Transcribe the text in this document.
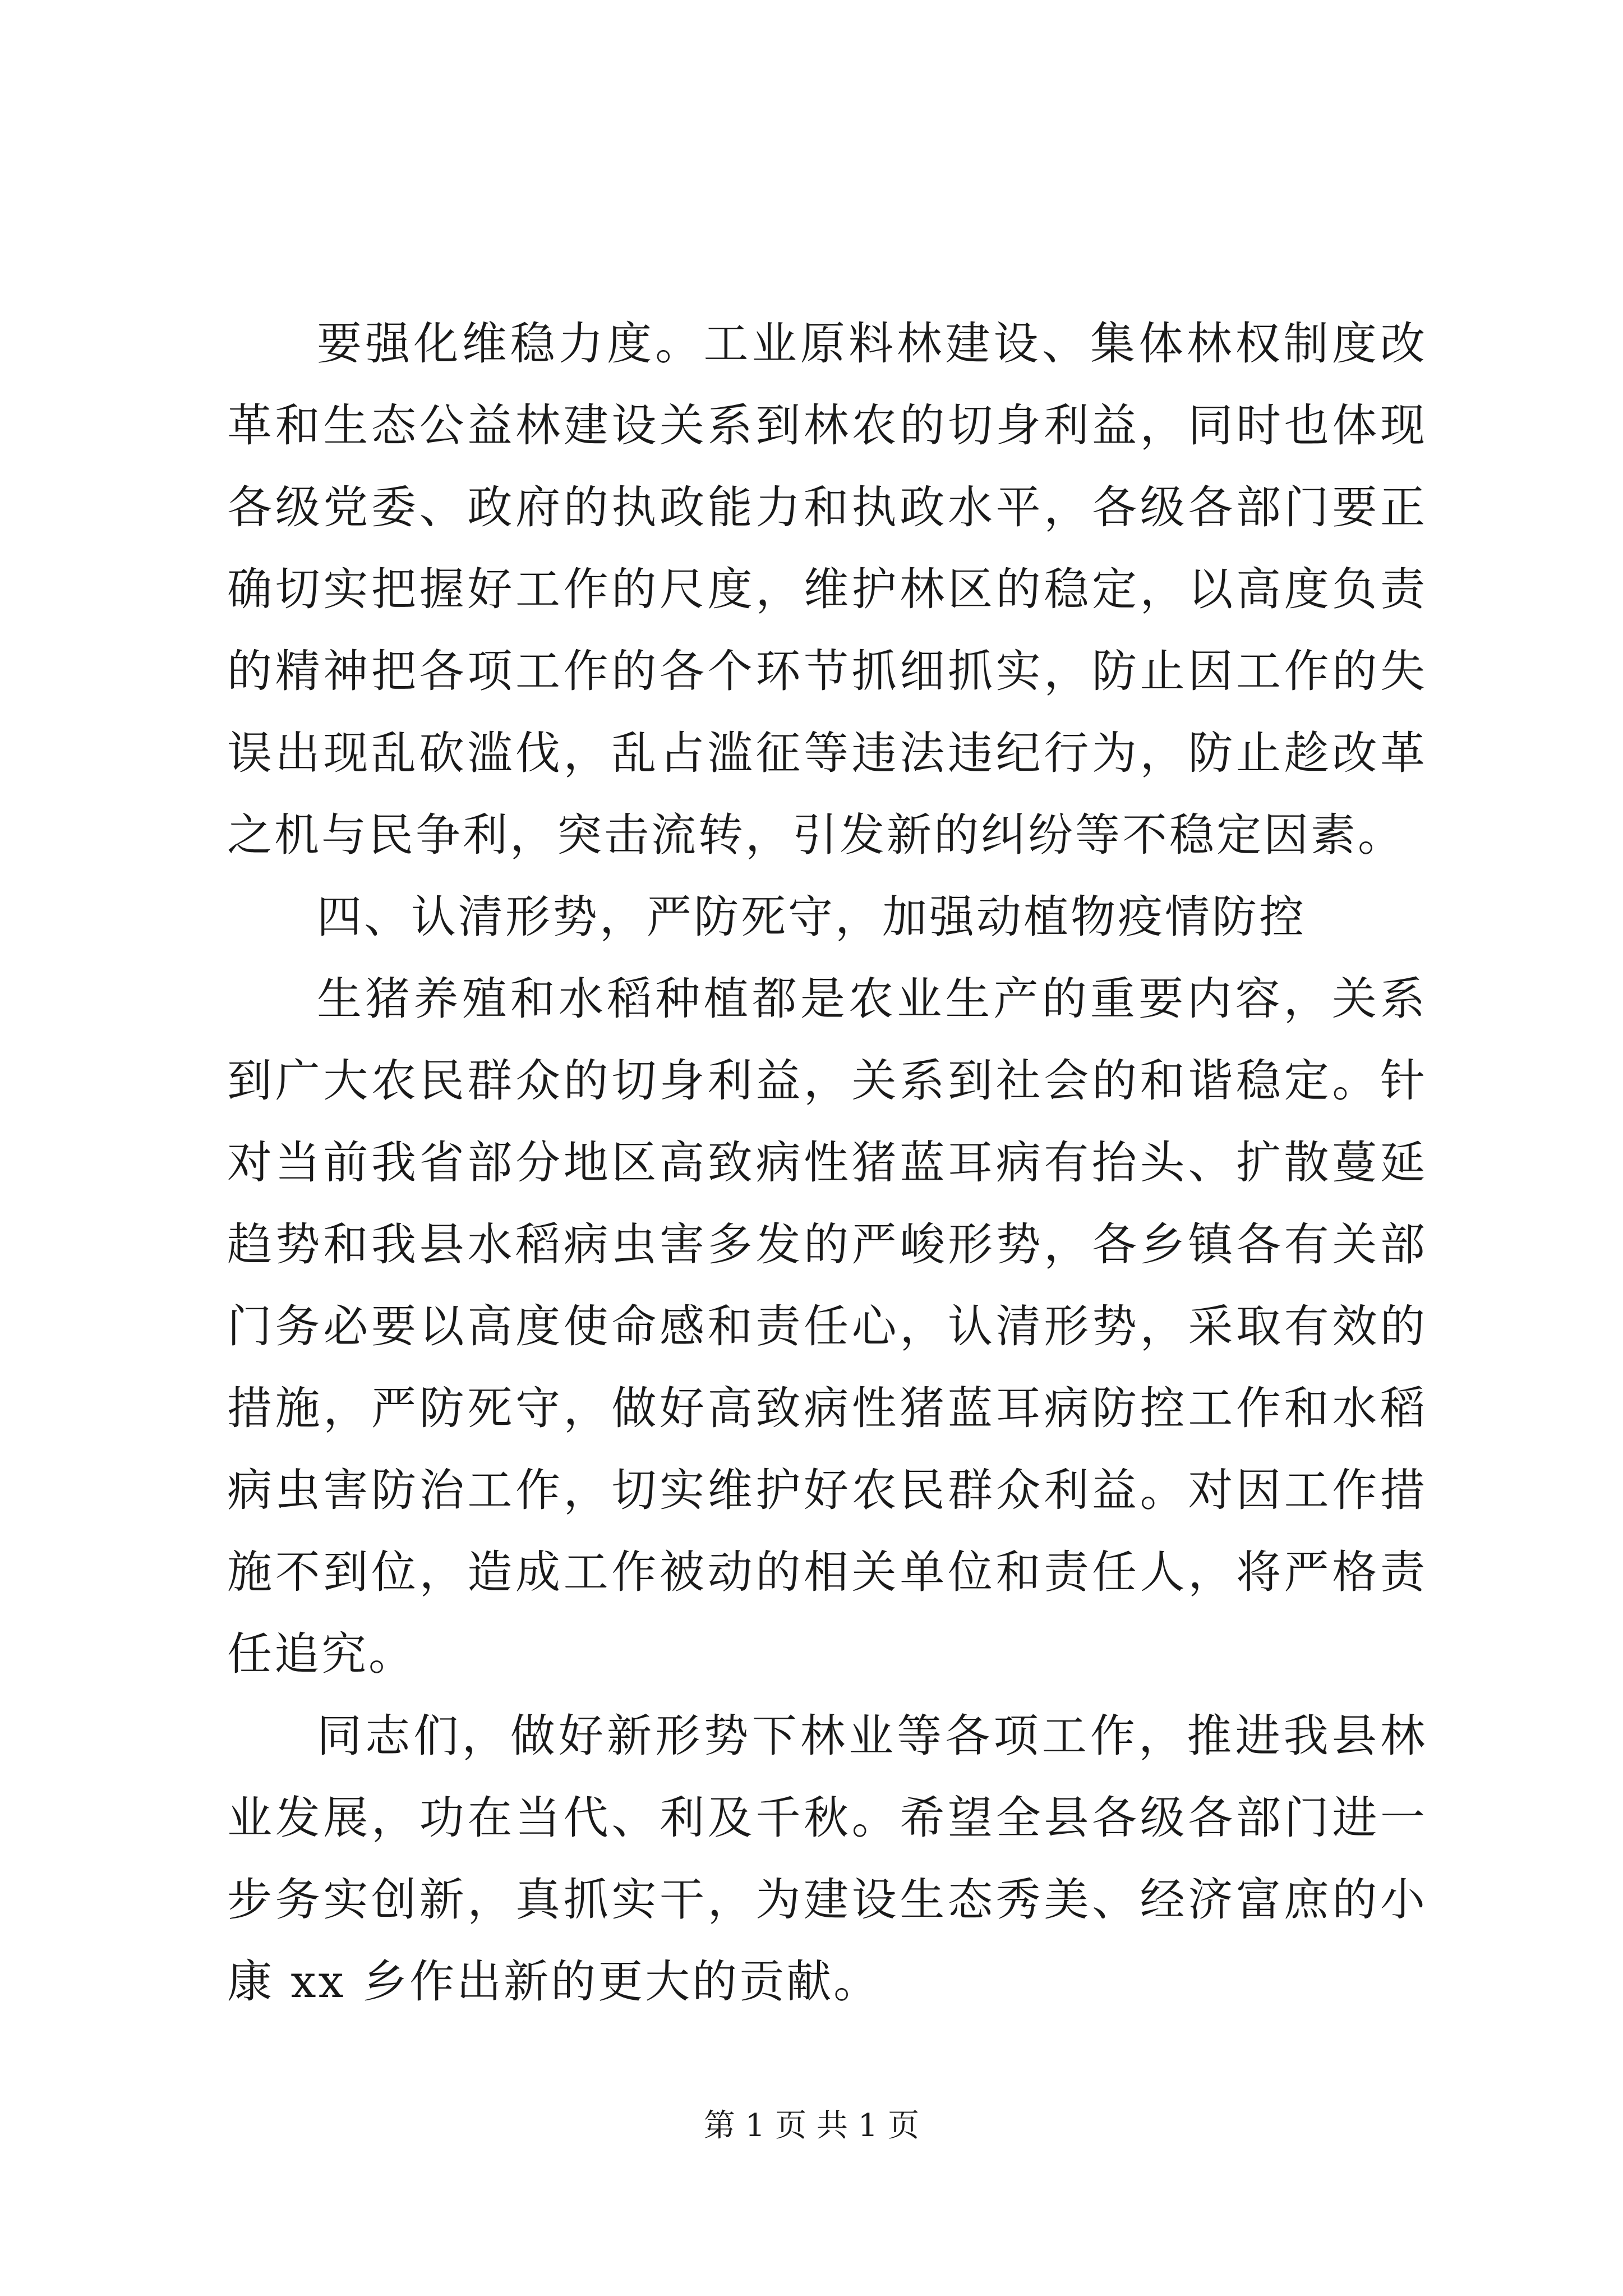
要强化维稳力度。工业原料林建设、集体林权制度改革和生态公益林建设关系到林农的切身利益，同时也体现各级党委、政府的执政能力和执政水平，各级各部门要正确切实把握好工作的尺度，维护林区的稳定，以高度负责的精神把各项工作的各个环节抓细抓实，防止因工作的失误出现乱砍滥伐，乱占滥征等违法违纪行为，防止趁改革之机与民争利，突击流转，引发新的纠纷等不稳定因素。

四、认清形势，严防死守，加强动植物疫情防控

生猪养殖和水稻种植都是农业生产的重要内容，关系到广大农民群众的切身利益，关系到社会的和谐稳定。针对当前我省部分地区高致病性猪蓝耳病有抬头、扩散蔓延趋势和我县水稻病虫害多发的严峻形势，各乡镇各有关部门务必要以高度使命感和责任心，认清形势，采取有效的措施，严防死守，做好高致病性猪蓝耳病防控工作和水稻病虫害防治工作，切实维护好农民群众利益。对因工作措施不到位，造成工作被动的相关单位和责任人，将严格责任追究。

同志们，做好新形势下林业等各项工作，推进我县林业发展，功在当代、利及千秋。希望全县各级各部门进一步务实创新，真抓实干，为建设生态秀美、经济富庶的小康 xx 乡作出新的更大的贡献。

第 1 页 共 1 页
